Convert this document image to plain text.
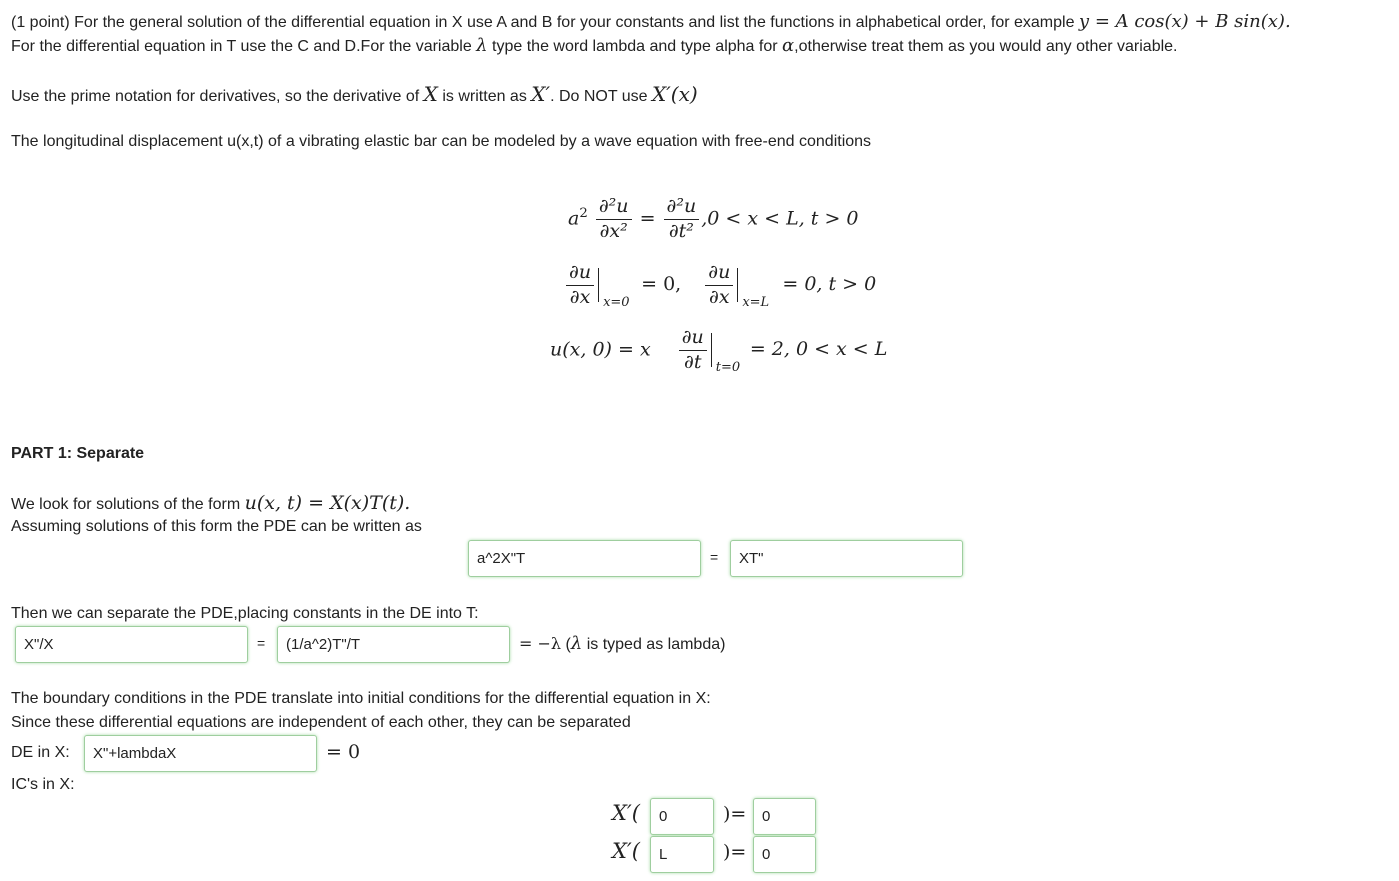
(1 point) For the general solution of the differential equation in X use A and B for your constants and list the functions in alphabetical order, for example y = A cos(x) + B sin(x).
For the differential equation in T use the C and D.For the variable λ type the word lambda and type alpha for α,otherwise treat them as you would any other variable.
Use the prime notation for derivatives, so the derivative of X is written as X′. Do NOT use X′(x)
The longitudinal displacement u(x,t) of a vibrating elastic bar can be modeled by a wave equation with free-end conditions
$a^2 \frac{\text{∂²u}}{\text{∂x²}} = \frac{\text{∂²u}}{\text{∂t²}} ,0 < x < L$, t > 0
$\frac{\partial u}{\partial x} x=0$
= 0, $\frac{\partial u}{\partial x} x=L$
= 0, t > 0
u(x, 0) = x $\frac{\partial u}{\partial t} t=0$
= 2, 0 < x < L
PART 1: Separate
We look for solutions of the form u(x, t) = X(x)T(t).
Assuming solutions of this form the PDE can be written as
a^2X"T
=
XT"
Then we can separate the PDE,placing constants in the DE into T:
X"/X
=
(1/a^2)T"/T	= −λ (λ is typed as lambda)
The boundary conditions in the PDE translate into initial conditions for the differential equation in X:
Since these differential equations are independent of each other, they can be separated
DE in X:
X"+lambdaX	= 0
IC's in X:
X′(
0	)=
0
X′(
L	)=
0
